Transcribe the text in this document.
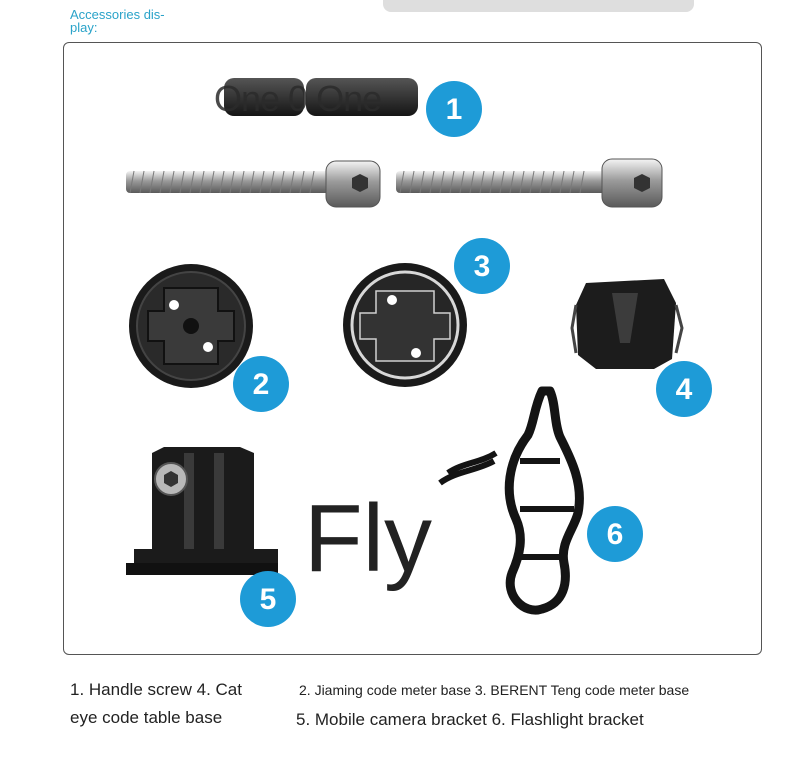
Accessories dis-play:
1
2
3
4
5
6
One 0 One
Fly
1. Handle screw 4. Cat eye code table base
2. Jiaming code meter base 3. BERENT Teng code meter base
5. Mobile camera bracket 6. Flashlight bracket
